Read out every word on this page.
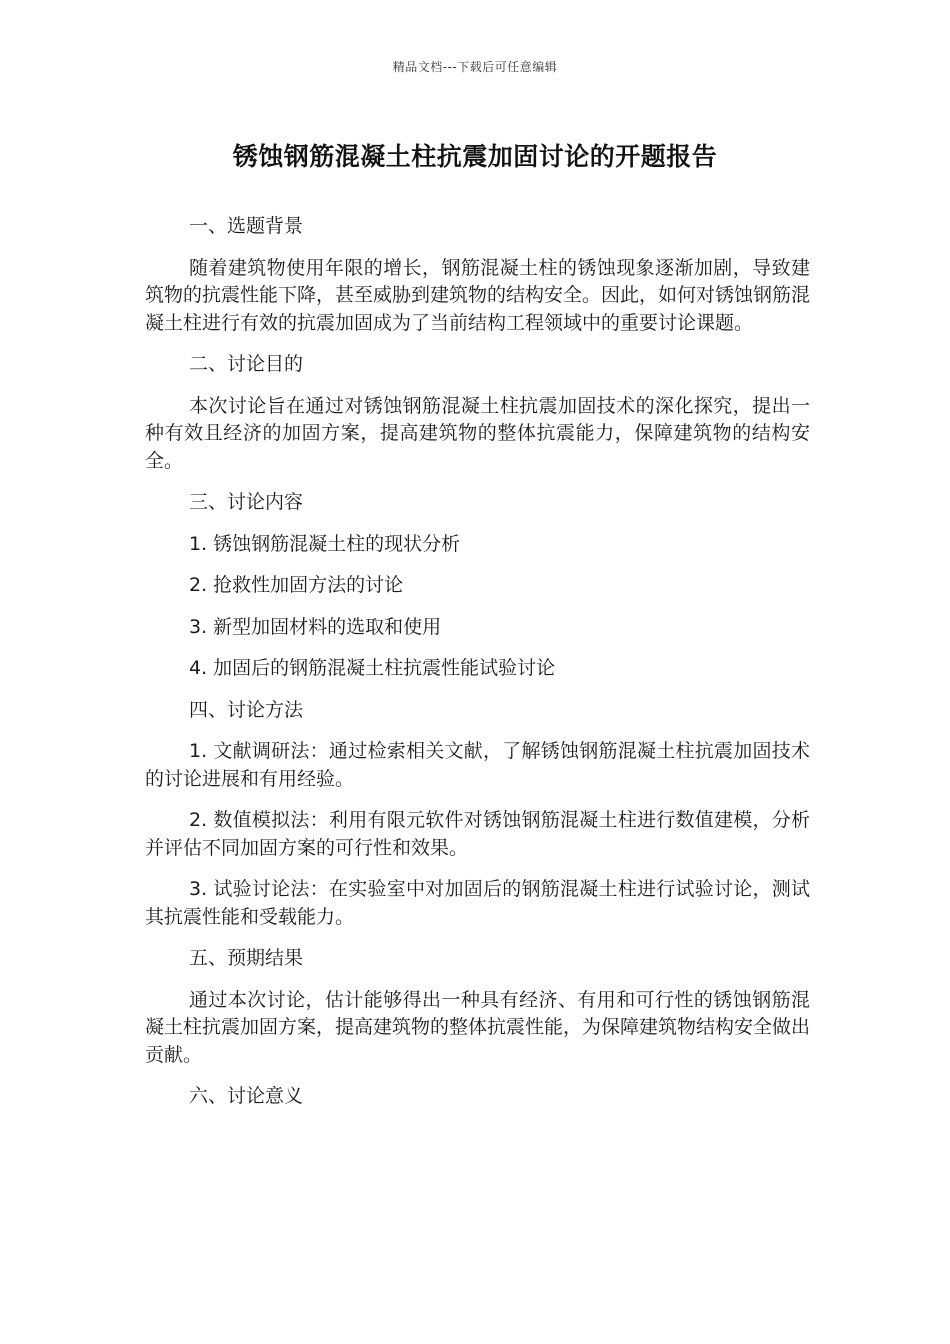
精品文档---下载后可任意编辑
锈蚀钢筋混凝土柱抗震加固讨论的开题报告
一、选题背景
随着建筑物使用年限的增长，钢筋混凝土柱的锈蚀现象逐渐加剧，导致建筑物的抗震性能下降，甚至威胁到建筑物的结构安全。因此，如何对锈蚀钢筋混凝土柱进行有效的抗震加固成为了当前结构工程领域中的重要讨论课题。
二、讨论目的
本次讨论旨在通过对锈蚀钢筋混凝土柱抗震加固技术的深化探究，提出一种有效且经济的加固方案，提高建筑物的整体抗震能力，保障建筑物的结构安全。
三、讨论内容
1. 锈蚀钢筋混凝土柱的现状分析
2. 抢救性加固方法的讨论
3. 新型加固材料的选取和使用
4. 加固后的钢筋混凝土柱抗震性能试验讨论
四、讨论方法
1. 文献调研法：通过检索相关文献，了解锈蚀钢筋混凝土柱抗震加固技术的讨论进展和有用经验。
2. 数值模拟法：利用有限元软件对锈蚀钢筋混凝土柱进行数值建模，分析并评估不同加固方案的可行性和效果。
3. 试验讨论法：在实验室中对加固后的钢筋混凝土柱进行试验讨论，测试其抗震性能和受载能力。
五、预期结果
通过本次讨论，估计能够得出一种具有经济、有用和可行性的锈蚀钢筋混凝土柱抗震加固方案，提高建筑物的整体抗震性能，为保障建筑物结构安全做出贡献。
六、讨论意义
